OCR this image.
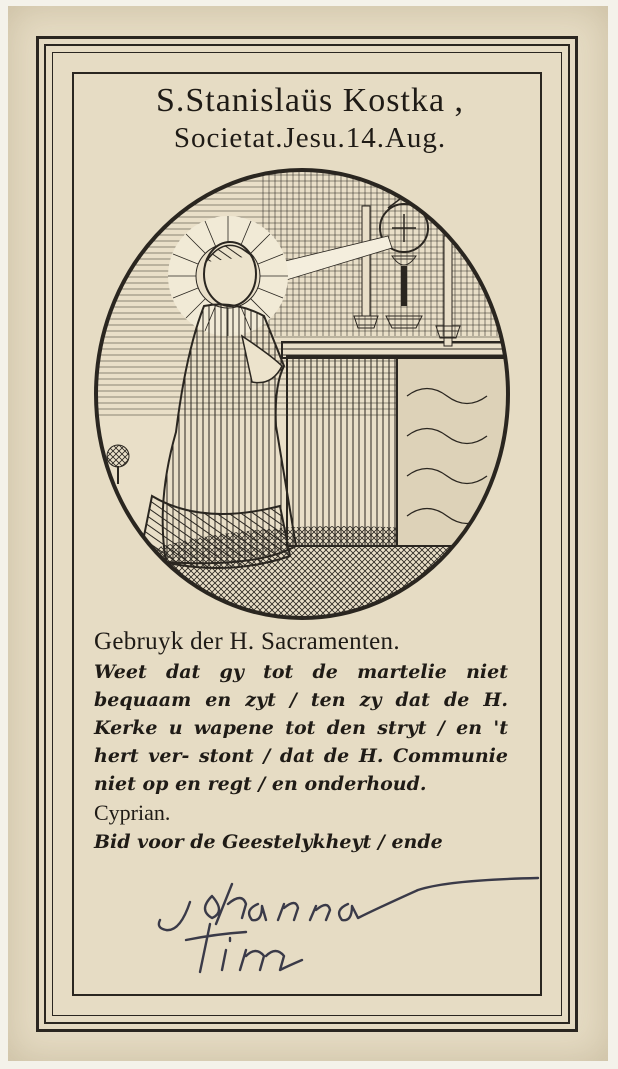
S.Stanislaüs Kostka ,
Societat.Jesu.14.Aug.
Gebruyk der H. Sacramenten.
Weet dat gy tot de martelie niet bequaam en zyt / ten zy dat de H. Kerke u wapene tot den stryt / en 't hert ver- stont / dat de H. Communie niet op en regt / en onderhoud.
Cyprian.
Bid voor de Geestelykheyt / ende
